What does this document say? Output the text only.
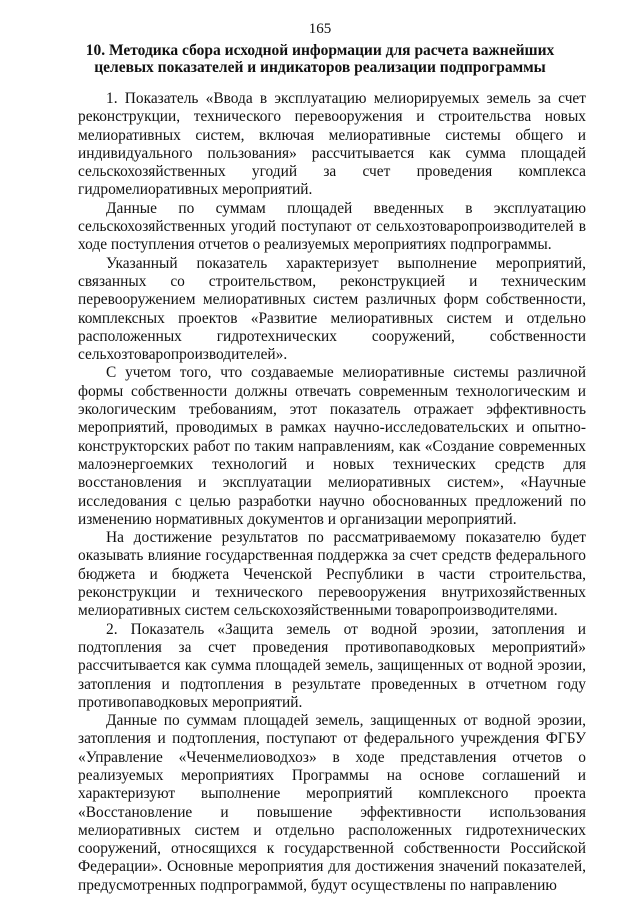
165
10. Методика сбора исходной информации для расчета важнейших
целевых показателей и индикаторов реализации подпрограммы

1. Показатель «Ввода в эксплуатацию мелиорируемых земель за счет реконструкции, технического перевооружения и строительства новых мелиоративных систем, включая мелиоративные системы общего и индивидуального пользования» рассчитывается как сумма площадей сельскохозяйственных угодий за счет проведения комплекса гидромелиоративных мероприятий.

Данные по суммам площадей введенных в эксплуатацию сельскохозяйственных угодий поступают от сельхозтоваропроизводителей в ходе поступления отчетов о реализуемых мероприятиях подпрограммы.

Указанный показатель характеризует выполнение мероприятий, связанных со строительством, реконструкцией и техническим перевооружением мелиоративных систем различных форм собственности, комплексных проектов «Развитие мелиоративных систем и отдельно расположенных гидротехнических сооружений, собственности сельхозтоваропроизводителей».

С учетом того, что создаваемые мелиоративные системы различной формы собственности должны отвечать современным технологическим и экологическим требованиям, этот показатель отражает эффективность мероприятий, проводимых в рамках научно-исследовательских и опытно-конструкторских работ по таким направлениям, как «Создание современных малоэнергоемких технологий и новых технических средств для восстановления и эксплуатации мелиоративных систем», «Научные исследования с целью разработки научно обоснованных предложений по изменению нормативных документов и организации мероприятий.

На достижение результатов по рассматриваемому показателю будет оказывать влияние государственная поддержка за счет средств федерального бюджета и бюджета Чеченской Республики в части строительства, реконструкции и технического перевооружения внутрихозяйственных мелиоративных систем сельскохозяйственными товаропроизводителями.

2. Показатель «Защита земель от водной эрозии, затопления и подтопления за счет проведения противопаводковых мероприятий» рассчитывается как сумма площадей земель, защищенных от водной эрозии, затопления и подтопления в результате проведенных в отчетном году противопаводковых мероприятий.

Данные по суммам площадей земель, защищенных от водной эрозии, затопления и подтопления, поступают от федерального учреждения ФГБУ «Управление «Чеченмелиоводхоз» в ходе представления отчетов о реализуемых мероприятиях Программы на основе соглашений и характеризуют выполнение мероприятий комплексного проекта «Восстановление и повышение эффективности использования мелиоративных систем и отдельно расположенных гидротехнических сооружений, относящихся к государственной собственности Российской Федерации». Основные мероприятия для достижения значений показателей, предусмотренных подпрограммой, будут осуществлены по направлению
